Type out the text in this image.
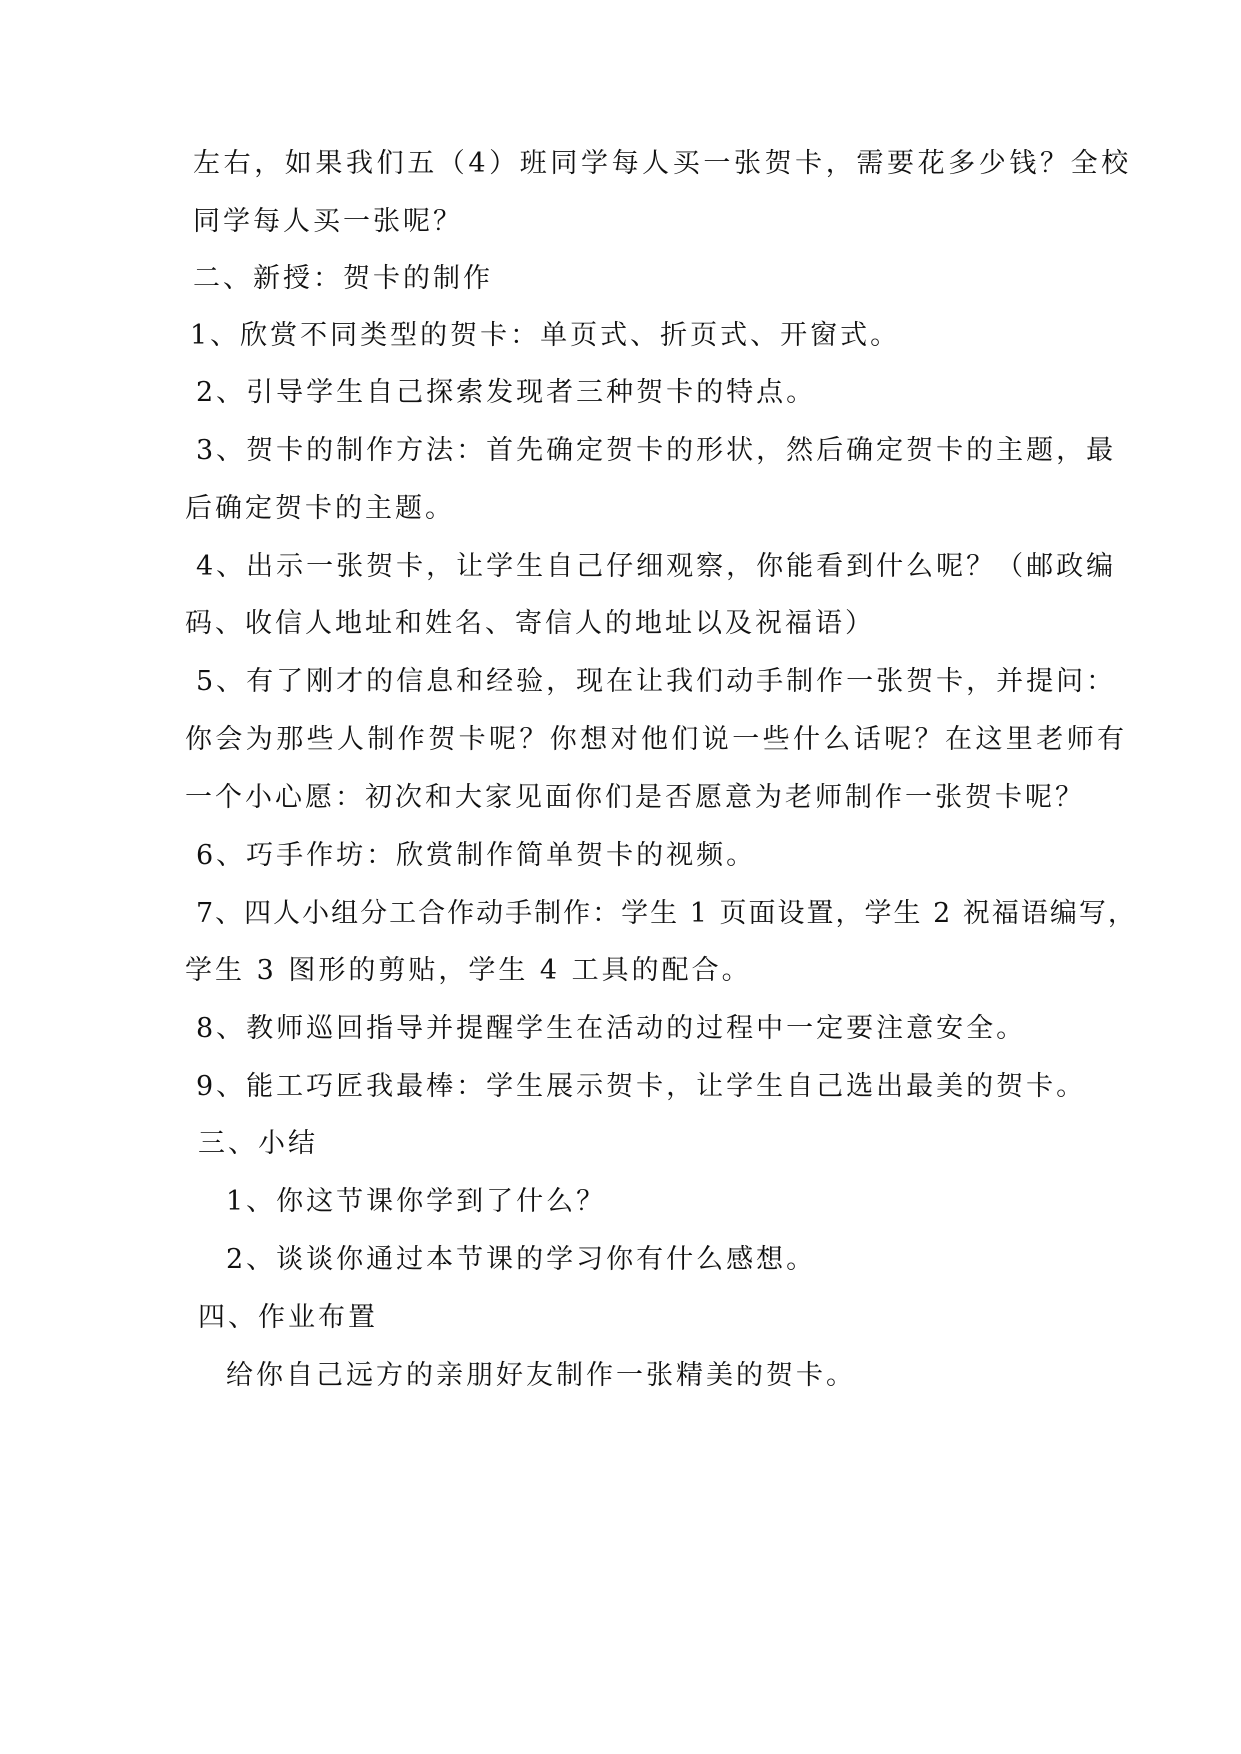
左右，如果我们五（4）班同学每人买一张贺卡，需要花多少钱？全校
同学每人买一张呢？
二、新授：贺卡的制作
1、欣赏不同类型的贺卡：单页式、折页式、开窗式。
2、引导学生自己探索发现者三种贺卡的特点。
3、贺卡的制作方法：首先确定贺卡的形状，然后确定贺卡的主题，最
后确定贺卡的主题。
4、出示一张贺卡，让学生自己仔细观察，你能看到什么呢？（邮政编
码、收信人地址和姓名、寄信人的地址以及祝福语）
5、有了刚才的信息和经验，现在让我们动手制作一张贺卡，并提问：
你会为那些人制作贺卡呢？你想对他们说一些什么话呢？在这里老师有
一个小心愿：初次和大家见面你们是否愿意为老师制作一张贺卡呢？
6、巧手作坊：欣赏制作简单贺卡的视频。
7、四人小组分工合作动手制作：学生 1 页面设置，学生 2 祝福语编写，
学生 3 图形的剪贴，学生 4 工具的配合。
8、教师巡回指导并提醒学生在活动的过程中一定要注意安全。
9、能工巧匠我最棒：学生展示贺卡，让学生自己选出最美的贺卡。
三、小结
1、你这节课你学到了什么？
2、谈谈你通过本节课的学习你有什么感想。
四、作业布置
给你自己远方的亲朋好友制作一张精美的贺卡。
